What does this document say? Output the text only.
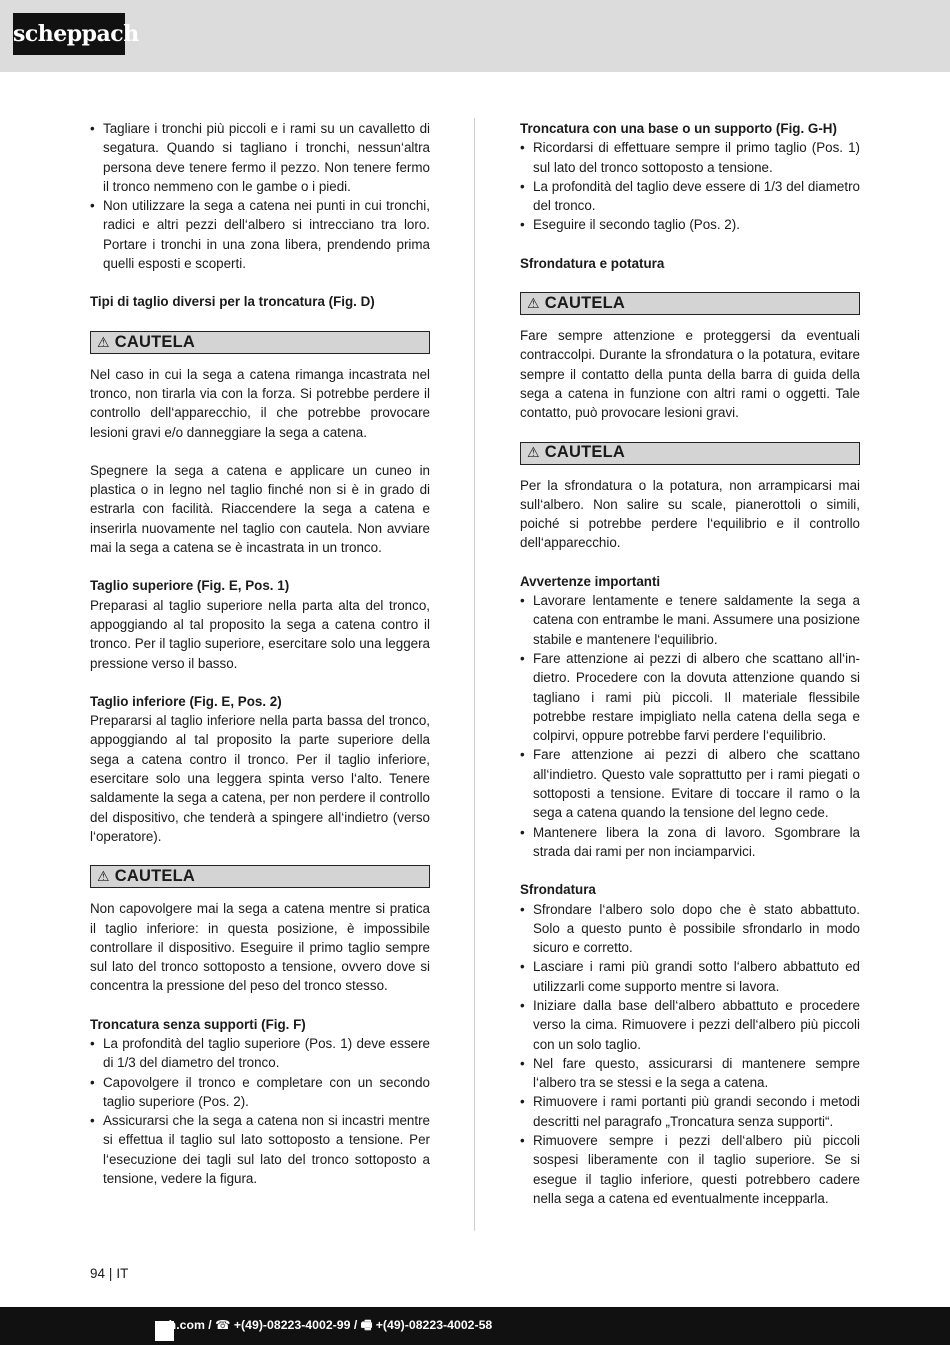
scheppach
• Tagliare i tronchi più piccoli e i rami su un cavalletto di segatura. Quando si tagliano i tronchi, nessun‘altra persona deve tenere fermo il pezzo. Non tenere fermo il tronco nemmeno con le gambe o i piedi.
• Non utilizzare la sega a catena nei punti in cui tronchi, radici e altri pezzi dell‘albero si intrecciano tra loro. Portare i tronchi in una zona libera, prendendo prima quelli esposti e scoperti.

Tipi di taglio diversi per la troncatura (Fig. D)

⚠ CAUTELA

Nel caso in cui la sega a catena rimanga incastrata nel tronco, non tirarla via con la forza. Si potrebbe perdere il controllo dell‘apparecchio, il che potrebbe provocare lesioni gravi e/o danneggiare la sega a catena.

Spegnere la sega a catena e applicare un cuneo in plastica o in legno nel taglio finché non si è in grado di estrarla con facilità. Riaccendere la sega a catena e inserirla nuovamente nel taglio con cautela. Non avviare mai la sega a catena se è incastrata in un tronco.

Taglio superiore (Fig. E, Pos. 1)

Preparasi al taglio superiore nella parta alta del tronco, appoggiando al tal proposito la sega a catena contro il tronco. Per il taglio superiore, esercitare solo una leggera pressione verso il basso.

Taglio inferiore (Fig. E, Pos. 2)

Prepararsi al taglio inferiore nella parta bassa del tronco, appoggiando al tal proposito la parte superiore della sega a catena contro il tronco. Per il taglio inferiore, esercitare solo una leggera spinta verso l‘alto. Tenere saldamente la sega a catena, per non perdere il controllo del dispositivo, che tenderà a spingere all‘indietro (verso l‘operatore).

⚠ CAUTELA

Non capovolgere mai la sega a catena mentre si pratica il taglio inferiore: in questa posizione, è impossibile controllare il dispositivo. Eseguire il primo taglio sempre sul lato del tronco sottoposto a tensione, ovvero dove si concentra la pressione del peso del tronco stesso.

Troncatura senza supporti (Fig. F)

• La profondità del taglio superiore (Pos. 1) deve essere di 1/3 del diametro del tronco.
• Capovolgere il tronco e completare con un secondo taglio superiore (Pos. 2).
• Assicurarsi che la sega a catena non si incastri mentre si effettua il taglio sul lato sottoposto a tensione. Per l‘esecuzione dei tagli sul lato del tronco sottoposto a tensione, vedere la figura.

Troncatura con una base o un supporto (Fig. G-H)

• Ricordarsi di effettuare sempre il primo taglio (Pos. 1) sul lato del tronco sottoposto a tensione.
• La profondità del taglio deve essere di 1/3 del diametro del tronco.
• Eseguire il secondo taglio (Pos. 2).

Sfrondatura e potatura

⚠ CAUTELA

Fare sempre attenzione e proteggersi da eventuali contraccolpi. Durante la sfrondatura o la potatura, evitare sempre il contatto della punta della barra di guida della sega a catena in funzione con altri rami o oggetti. Tale contatto, può provocare lesioni gravi.

⚠ CAUTELA

Per la sfrondatura o la potatura, non arrampicarsi mai sull‘albero. Non salire su scale, pianerottoli o simili, poiché si potrebbe perdere l‘equilibrio e il controllo dell‘apparecchio.

Avvertenze importanti

• Lavorare lentamente e tenere saldamente la sega a catena con entrambe le mani. Assumere una posizione stabile e mantenere l‘equilibrio.
• Fare attenzione ai pezzi di albero che scattano all‘indietro. Procedere con la dovuta attenzione quando si tagliano i rami più piccoli. Il materiale flessibile potrebbe restare impigliato nella catena della sega e colpirvi, oppure potrebbe farvi perdere l‘equilibrio.
• Fare attenzione ai pezzi di albero che scattano all‘indietro. Questo vale soprattutto per i rami piegati o sottoposti a tensione. Evitare di toccare il ramo o la sega a catena quando la tensione del legno cede.
• Mantenere libera la zona di lavoro. Sgombrare la strada dai rami per non inciamparvici.

Sfrondatura

• Sfrondare l‘albero solo dopo che è stato abbattuto. Solo a questo punto è possibile sfrondarlo in modo sicuro e corretto.
• Lasciare i rami più grandi sotto l‘albero abbattuto ed utilizzarli come supporto mentre si lavora.
• Iniziare dalla base dell‘albero abbattuto e procedere verso la cima. Rimuovere i pezzi dell‘albero più piccoli con un solo taglio.
• Nel fare questo, assicurarsi di mantenere sempre l‘albero tra se stessi e la sega a catena.
• Rimuovere i rami portanti più grandi secondo i metodi descritti nel paragrafo „Troncatura senza supporti“.
• Rimuovere sempre i pezzi dell‘albero più piccoli sospesi liberamente con il taglio superiore. Se si esegue il taglio inferiore, questi potrebbero cadere nella sega a catena ed eventualmente incepparla.
94 | IT
ach.com / ☎ +(49)-08223-4002-99 / 🖷 +(49)-08223-4002-58
